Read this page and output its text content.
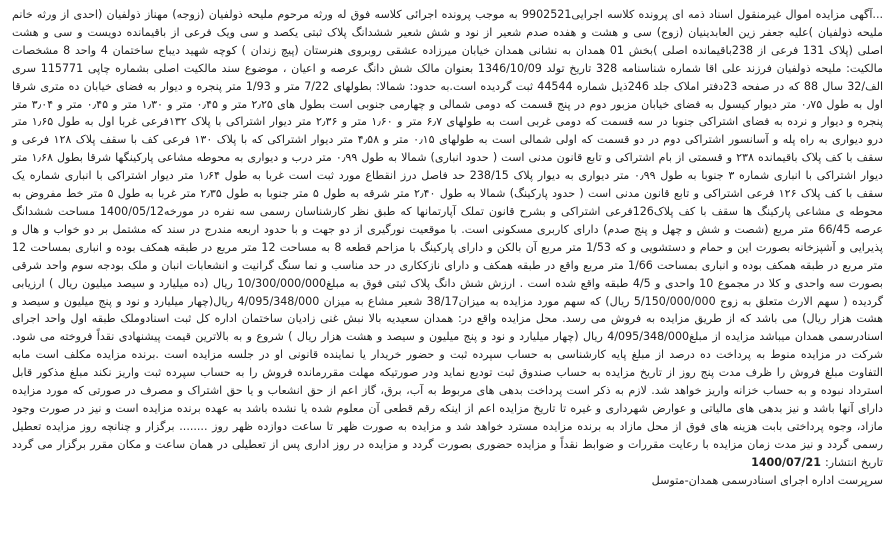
...آگهی مزایده اموال غیرمنقول اسناد ذمه ای پرونده کلاسه اجرایی9902521 به موجب پرونده اجرائی کلاسه فوق له ورثه مرحوم ملیحه ذولفیان (زوجه) مهناز ذولفیان (احدی از ورثه خانم ملیحه ذولفیان )علیه جعفر زین العابدینیان (زوج) سی و هشت و هفده صدم شعیر از نود و شش شعیر ششدانگ پلاک ثبتی یکصد و سی ویک فرعی از باقیمانده دویست و سی و هشت اصلی (پلاک 131 فرعی از 238باقیمانده اصلی )بخش 01 همدان به نشانی همدان خیابان میرزاده عشقی روبروی هنرستان (پیچ زندان ) کوچه شهید دیباج ساختمان 4 واحد 8 مشخصات مالکیت: ملیحه ذولفیان فرزند علی اقا شماره شناسنامه 328 تاریخ تولد 1346/10/09 بعنوان مالک شش دانگ عرصه و اعیان ، موضوع سند مالکیت اصلی بشماره چاپی 115771 سری الف/32 سال 88 که در صفحه 23دفتر املاک جلد 246ذیل شماره 44544 ثبت گردیده است.به حدود: شمالا: بطولهای 7/22 متر و 1/93 متر پنجره و دیوار به فضای خیابان ده متری شرقا اول به طول ۰٫۷۵ متر دیوار کیسول به فضای خیابان مزبور دوم در پنج قسمت که دومی شمالی و چهارمی جنوبی است بطول های ۲٫۲۵ متر و ۰٫۴۵ متر و ۱٫۳۰ متر و ۰٫۴۵ متر و ۳٫۰۴ متر پنجره و دیوار و نرده به فضای اشتراکی جنوبا در سه قسمت که دومی غربی است به طولهای ۶٫۷ متر و ۱٫۶۰ متر و ۲٫۳۶ متر دیوار اشتراکی با پلاک ۱۳۲فرعی غربا اول به طول ۱٫۶۵ متر درو دیواری به راه پله و آسانسور اشتراکی دوم در دو قسمت که اولی شمالی است به طولهای ۰٫۱۵ متر و ۴٫۵۸ متر دیوار اشتراکی که با پلاک ۱۳۰ فرعی کف با سقف پلاک ۱۲۸ فرعی و سقف با کف پلاک باقیمانده ۲۳۸ و قسمتی از بام اشتراکی و تابع قانون مدنی است ( حدود انباری) شمالا به طول ۰٫۹۹ متر درب و دیواری به محوطه مشاعی پارکینگها شرقا بطول ۱٫۶۸ متر دیوار اشتراکی با انباری شماره ۳ جنوبا به طول ۰٫۹۹ متر دیواری به دیوار پلاک 238/15 حد فاصل درز انقطاع مورد ثبت است غربا به طول ۱٫۶۴ متر دیوار اشتراکی با انباری شماره یک سقف با کف پلاک ۱۲۶ فرعی اشتراکی و تابع قانون مدنی است ( حدود پارکینگ) شمالا به طول ۲٫۴۰ متر شرقه به طول ۵ متر جنوبا به طول ۲٫۳۵ متر غربا به طول ۵ متر خط مفروض به محوطه ی مشاعی پارکینگ ها سقف با کف پلاک126فرعی اشتراکی و بشرح قانون تملک آپارتمانها که طبق نظر کارشناسان رسمی سه نفره در مورخه1400/05/12 مساحت ششدانگ عرصه 66/45 متر مربع (شصت و شش و چهل و پنج صدم) دارای کاربری مسکونی است. با موقعیت نورگیری از دو جهت و با حدود اربعه مندرج در سند که مشتمل بر دو خواب و هال و پذیرایی و آشپزخانه بصورت این و حمام و دستشویی و که 1/53 متر مربع آن بالکن و دارای پارکینگ با مزاحم قطعه 8 به مساحت 12 متر مربع در طبقه همکف بوده و انباری بمساحت 12 متر مربع در طبقه همکف بوده و انباری بمساحت 1/66 متر مربع واقع در طبقه همکف و دارای نازککاری در حد مناسب و نما سنگ گرانیت و انشعابات انبان و ملک بودجه سوم واحد شرقی بصورت سه واحدی و کلا در مجموع 10 واحدی و 4/5 طبقه واقع شده است . ارزش شش دانگ پلاک ثبتی فوق به مبلغ10/300/000/000 ریال (ده میلیارد و سیصد میلیون ریال ) ارزیابی گردیده ( سهم الارث متعلق به زوج 5/150/000/000 ریال) که سهم مورد مزایده به میزان38/17 شعیر مشاع به میزان 4/095/348/000 ریال(چهار میلیارد و نود و پنج میلیون و سیصد و هشت هزار ریال) می باشد که از طریق مزایده به فروش می رسد. محل مزایده واقع در: همدان سعیدیه بالا نبش غنی زادیان ساختمان اداره کل ثبت اسنادوملک طبقه اول واحد اجرای اسنادرسمی همدان میباشد مزایده از مبلغ4/095/348/000 ریال (چهار میلیارد و نود و پنج میلیون و سیصد و هشت هزار ریال ) شروع و به بالاترین قیمت پیشنهادی نقداً فروخته می شود. شرکت در مزایده منوط به پرداخت ده درصد از مبلغ پایه کارشناسی به حساب سپرده ثبت و حضور خریدار یا نماینده قانونی او در جلسه مزایده است .برنده مزایده مکلف است مابه التفاوت مبلغ فروش را ظرف مدت پنج روز از تاریخ مزایده به حساب صندوق ثبت تودیع نماید ودر صورتیکه مهلت مقررمانده فروش را به حساب سپرده ثبت واریز نکند مبلغ مذکور قابل استرداد نبوده و به حساب خزانه واریز خواهد شد. لازم به ذکر است پرداخت بدهی های مربوط به آب، برق، گاز اعم از حق انشعاب و یا حق اشتراک و مصرف در صورتی که مورد مزایده دارای آنها باشد و نیز بدهی های مالیاتی و عوارض شهرداری و غیره تا تاریخ مزایده اعم از اینکه رقم قطعی آن معلوم شده یا نشده باشد به عهده برنده مزایده است و نیز در صورت وجود مازاد، وجوه پرداختی بابت هزینه های فوق از محل مازاد به برنده مزایده مسترد خواهد شد و مزایده به صورت ظهر تا ساعت دوازده ظهر روز ........ برگزار و چنانچه روز مزایده تعطیل رسمی گردد و نیز مدت زمان مزایده با رعایت مقررات و ضوابط نقداً و مزایده حضوری بصورت گردد و مزایده در روز اداری پس از تعطیلی در همان ساعت و مکان مقرر برگزار می گردد تاریخ انتشار: 1400/07/21

سرپرست اداره اجرای اسنادرسمی همدان-متوسل
